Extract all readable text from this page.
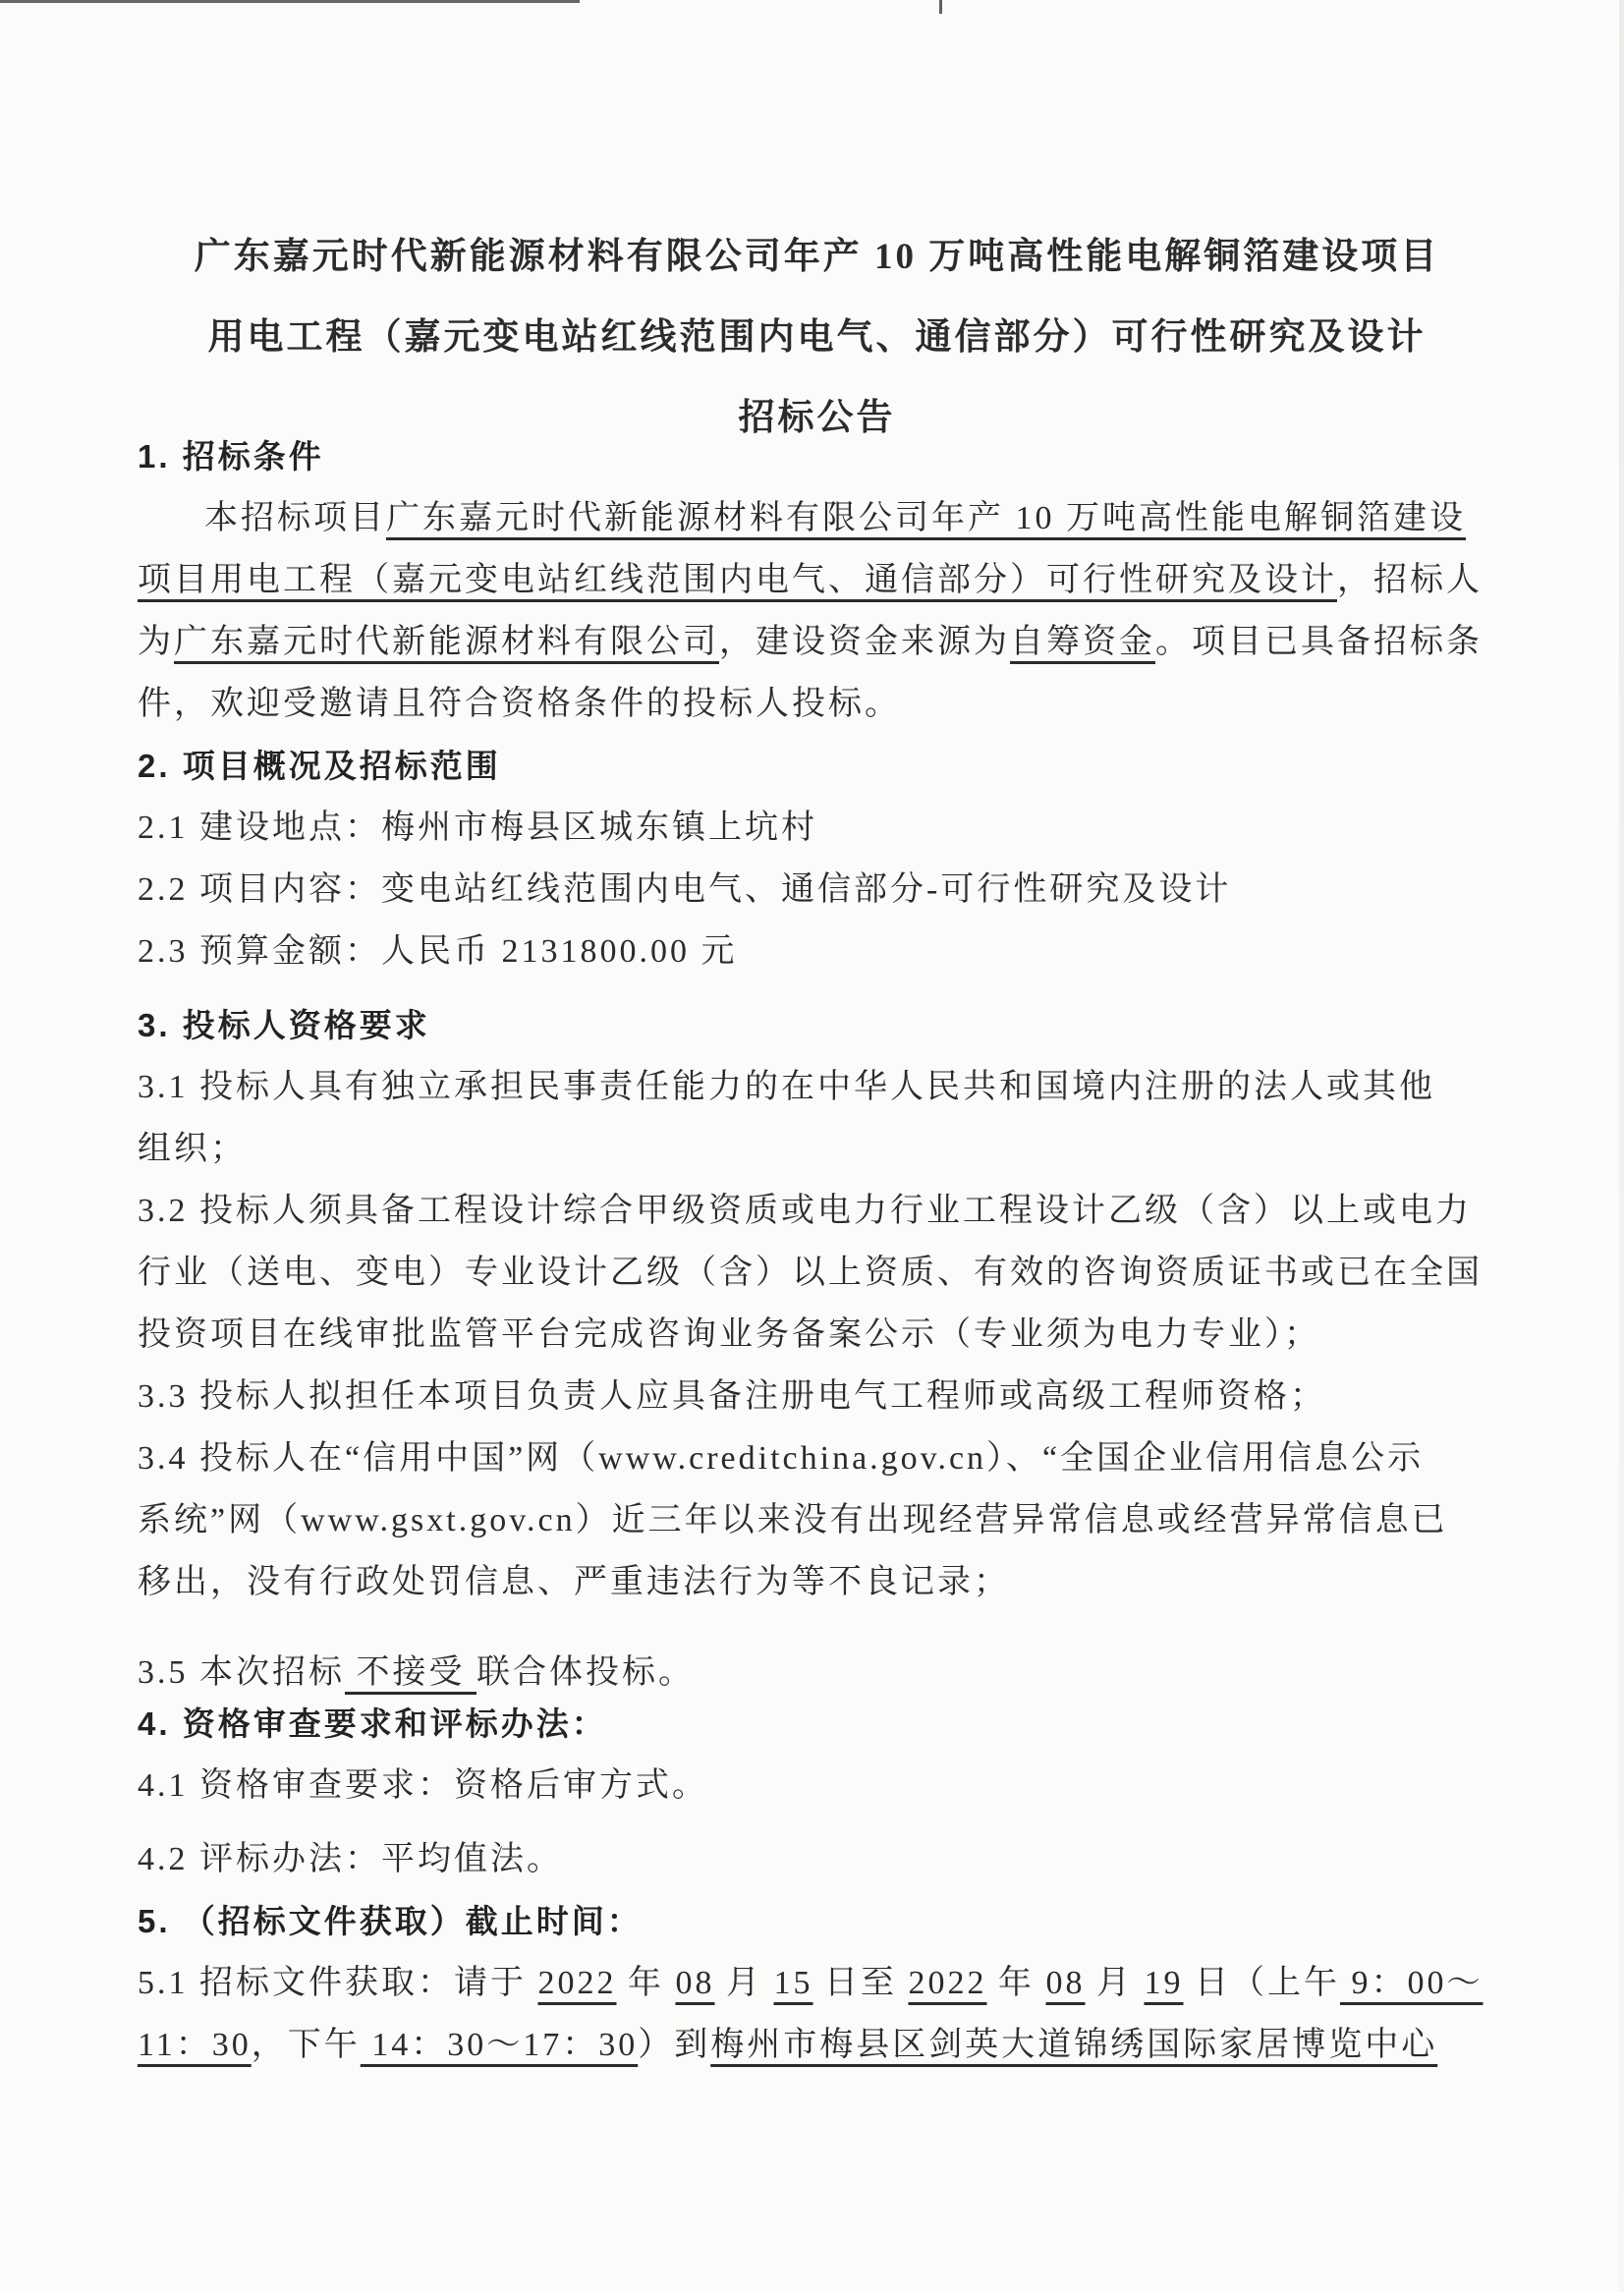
广东嘉元时代新能源材料有限公司年产 10 万吨高性能电解铜箔建设项目
用电工程（嘉元变电站红线范围内电气、通信部分）可行性研究及设计
招标公告
1. 招标条件
本招标项目广东嘉元时代新能源材料有限公司年产 10 万吨高性能电解铜箔建设
项目用电工程（嘉元变电站红线范围内电气、通信部分）可行性研究及设计，招标人
为广东嘉元时代新能源材料有限公司，建设资金来源为自筹资金。项目已具备招标条
件，欢迎受邀请且符合资格条件的投标人投标。
2. 项目概况及招标范围
2.1 建设地点：梅州市梅县区城东镇上坑村
2.2 项目内容：变电站红线范围内电气、通信部分-可行性研究及设计
2.3 预算金额：人民币 2131800.00 元
3. 投标人资格要求
3.1 投标人具有独立承担民事责任能力的在中华人民共和国境内注册的法人或其他
组织；
3.2 投标人须具备工程设计综合甲级资质或电力行业工程设计乙级（含）以上或电力
行业（送电、变电）专业设计乙级（含）以上资质、有效的咨询资质证书或已在全国
投资项目在线审批监管平台完成咨询业务备案公示（专业须为电力专业）；
3.3 投标人拟担任本项目负责人应具备注册电气工程师或高级工程师资格；
3.4 投标人在“信用中国”网（www.creditchina.gov.cn）、“全国企业信用信息公示
系统”网（www.gsxt.gov.cn）近三年以来没有出现经营异常信息或经营异常信息已
移出，没有行政处罚信息、严重违法行为等不良记录；
3.5 本次招标 不接受 联合体投标。
4. 资格审查要求和评标办法：
4.1 资格审查要求：资格后审方式。
4.2 评标办法：平均值法。
5. （招标文件获取）截止时间：
5.1 招标文件获取：请于 2022 年 08 月 15 日至 2022 年 08 月 19 日（上午 9：00～
11：30，下午 14：30～17：30）到梅州市梅县区剑英大道锦绣国际家居博览中心
